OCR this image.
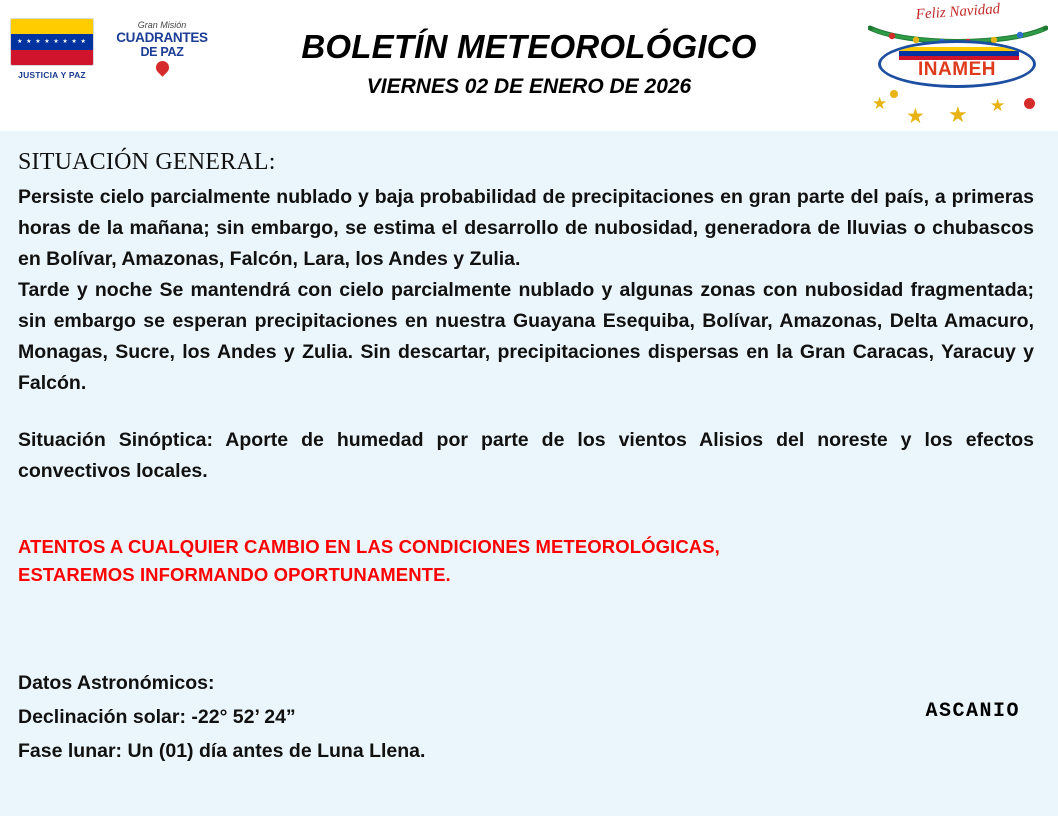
★ ★ ★ ★ ★ ★ ★ ★
JUSTICIA Y PAZ
Gran Misión
CUADRANTES
DE PAZ	BOLETÍN METEOROLÓGICO
VIERNES 02 DE ENERO DE 2026
Feliz Navidad
INAMEH
★
★ ★ ★
SITUACIÓN GENERAL:

Persiste cielo parcialmente nublado y baja probabilidad de precipitaciones en gran parte del país, a primeras horas de la mañana; sin embargo, se estima el desarrollo de nubosidad, generadora de lluvias o chubascos en Bolívar, Amazonas, Falcón, Lara, los Andes y Zulia.

Tarde y noche Se mantendrá con cielo parcialmente nublado y algunas zonas con nubosidad fragmentada; sin embargo se esperan precipitaciones en nuestra Guayana Esequiba, Bolívar, Amazonas, Delta Amacuro, Monagas, Sucre, los Andes y Zulia. Sin descartar, precipitaciones dispersas en la Gran Caracas, Yaracuy y Falcón.

Situación Sinóptica: Aporte de humedad por parte de los vientos Alisios del noreste y los efectos convectivos locales.

ATENTOS A CUALQUIER CAMBIO EN LAS CONDICIONES METEOROLÓGICAS,
ESTAREMOS INFORMANDO OPORTUNAMENTE.
Datos Astronómicos:
Declinación solar: -22° 52’ 24”
Fase lunar: Un (01) día antes de Luna Llena.
ASCANIO
